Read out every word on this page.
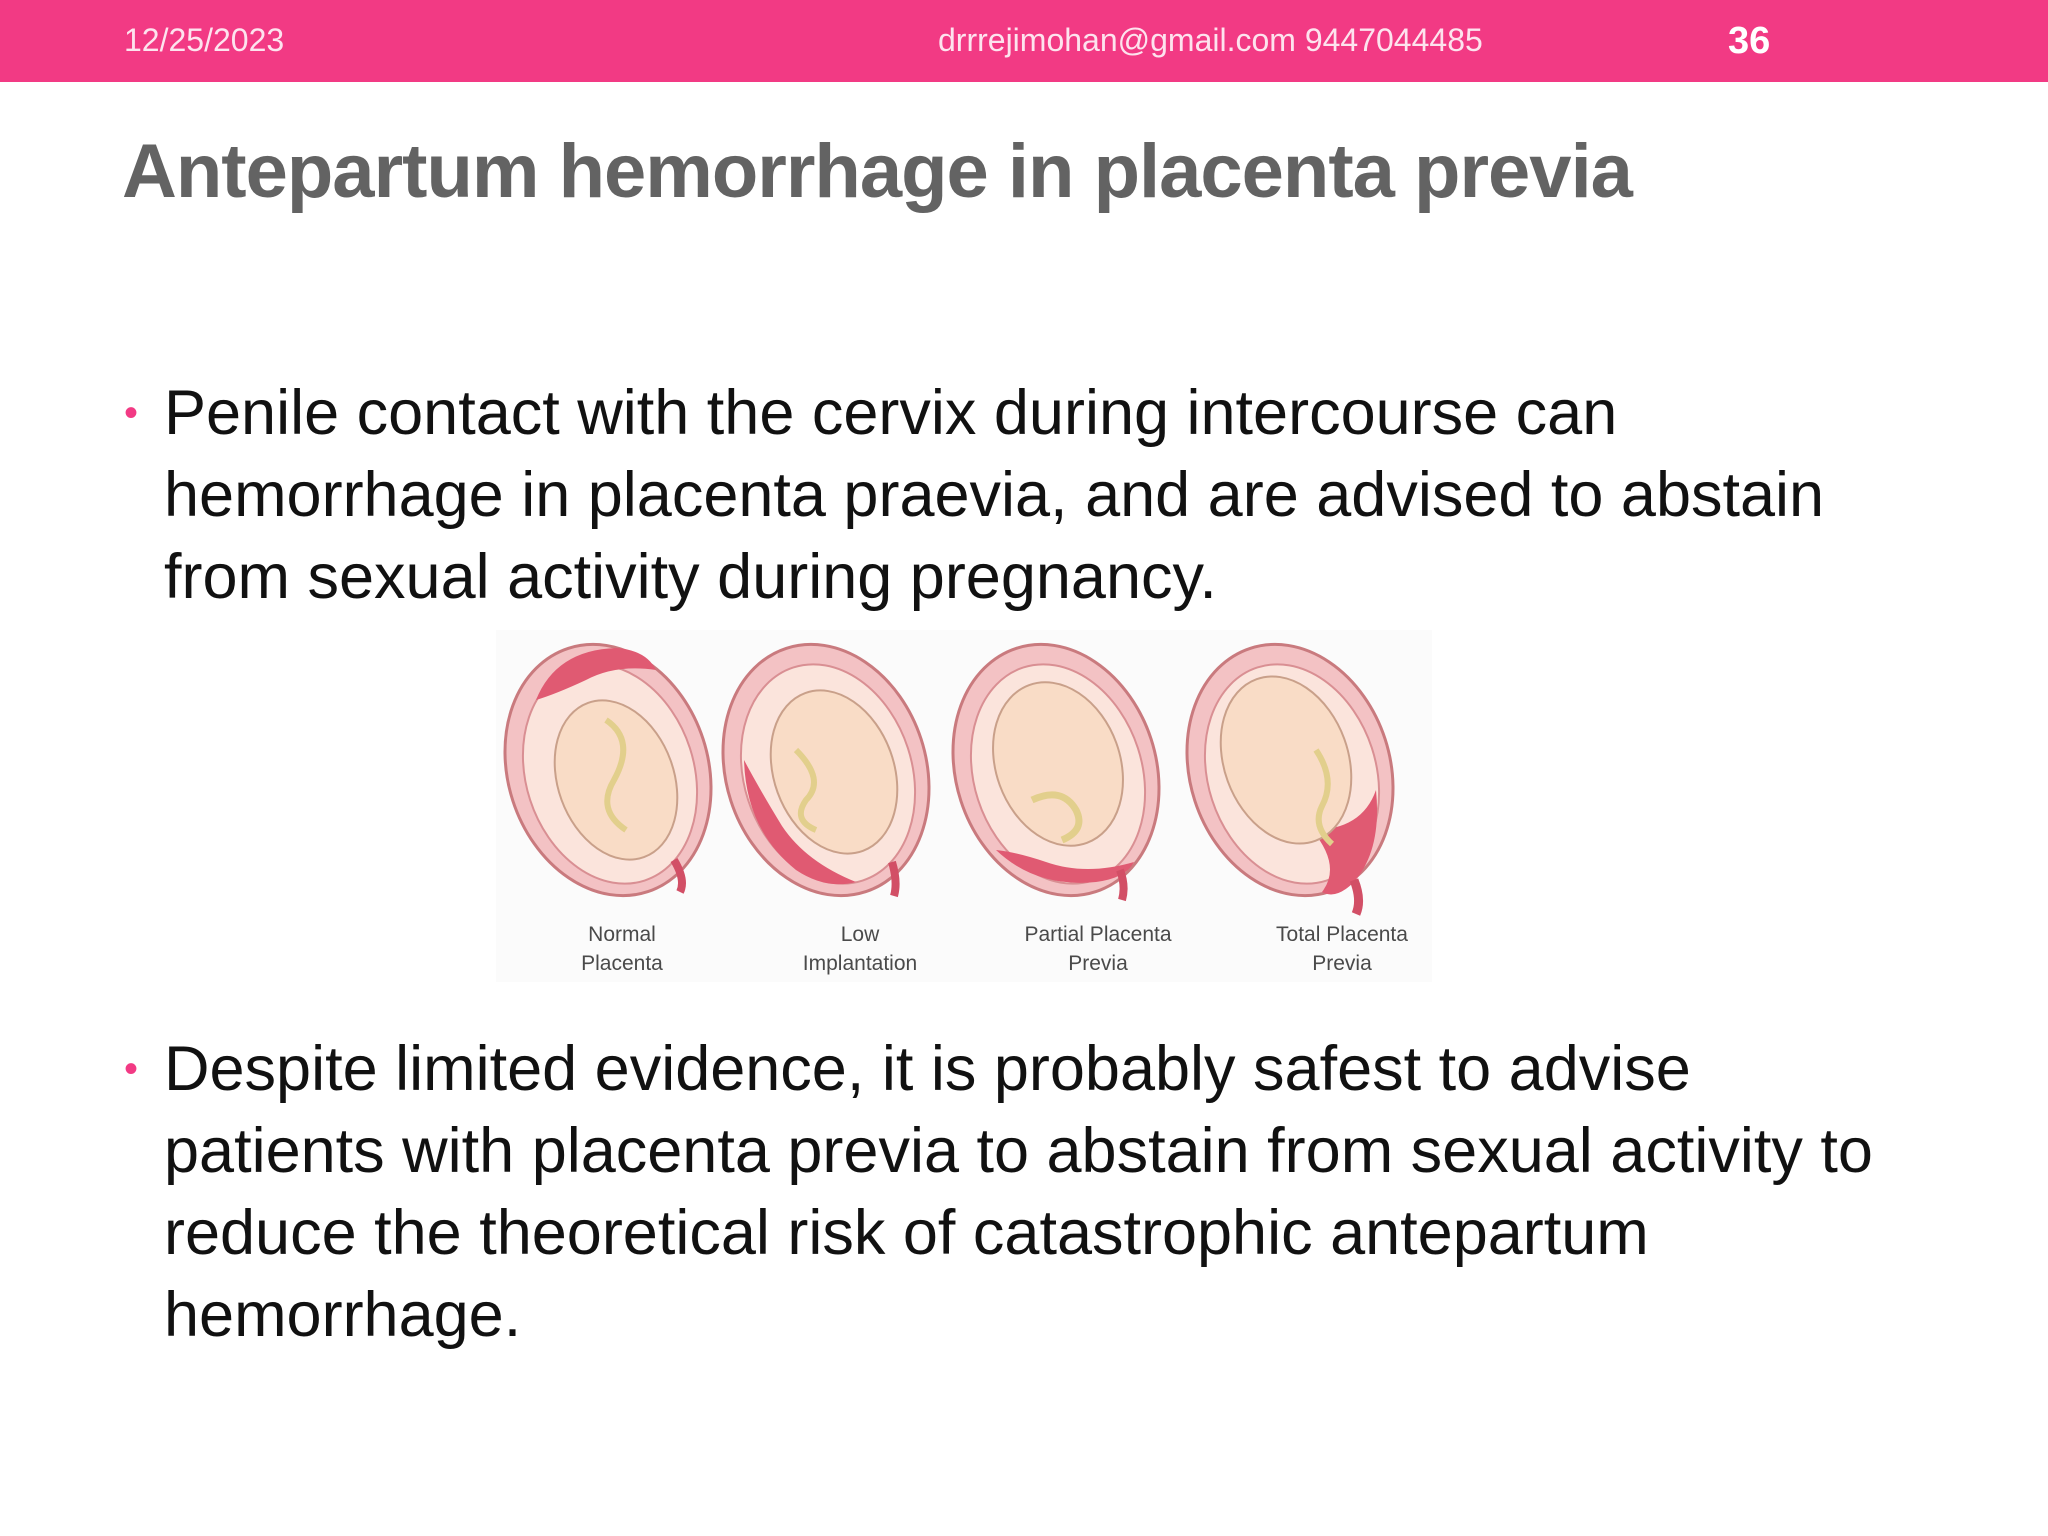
12/25/2023	drrrejimohan@gmail.com 9447044485	36
Antepartum hemorrhage in placenta previa
• Penile contact with the cervix during intercourse can hemorrhage in placenta praevia, and are advised to abstain from sexual activity during pregnancy.
Normal
Placenta
Low
Implantation
Partial Placenta
Previa
Total Placenta
Previa
• Despite limited evidence, it is probably safest to advise patients with placenta previa to abstain from sexual activity to reduce the theoretical risk of catastrophic antepartum hemorrhage.
